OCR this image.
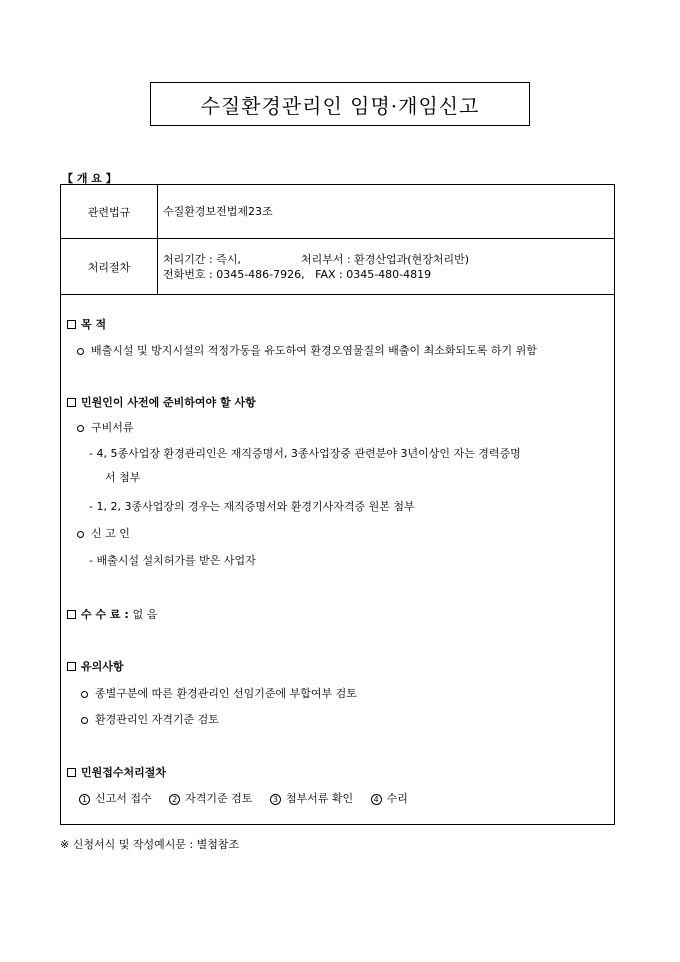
수질환경관리인 임명·개임신고
【 개 요 】
관련법규	수질환경보전법제23조
처리절차	처리기간 : 즉시, 처리부서 : 환경산업과(현장처리반)
전화번호 : 0345-486-7926, FAX : 0345-480-4819
목 적
배출시설 및 방지시설의 적정가동을 유도하여 환경오염물질의 배출이 최소화되도록 하기 위함
민원인이 사전에 준비하여야 할 사항
구비서류
- 4, 5종사업장 환경관리인은 재직증명서, 3종사업장중 관련분야 3년이상인 자는 경력증명
서 첨부
- 1, 2, 3종사업장의 경우는 재직증명서와 환경기사자격증 원본 첨부
신 고 인
- 배출시설 설치허가를 받은 사업자
수 수 료 :
없 음
유의사항
종별구분에 따른 환경관리인 선임기준에 부합여부 검토
환경관리인 자격기준 검토
민원접수처리절차
1 신고서 접수	2 자격기준 검토	3 첨부서류 확인	4 수리
※ 신청서식 및 작성예시문 : 별첨참조
